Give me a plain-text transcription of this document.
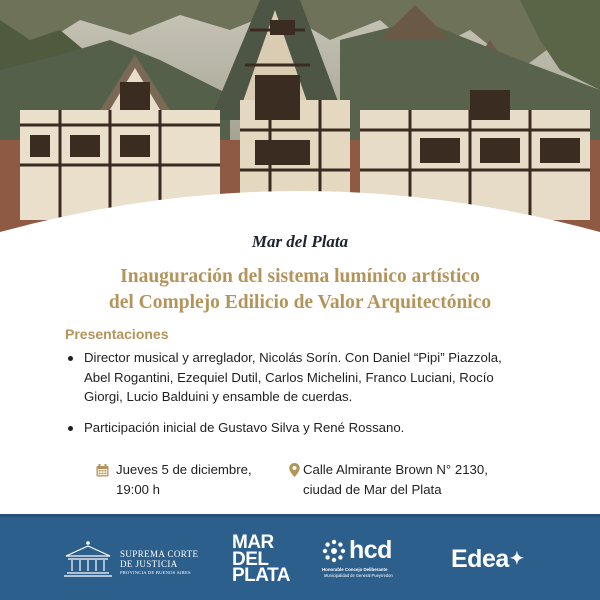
Mar del Plata
Inauguración del sistema lumínico artístico
del Complejo Edilicio de Valor Arquitectónico
Presentaciones
Director musical y arreglador, Nicolás Sorín. Con Daniel “Pipi” Piazzola,
Abel Rogantini, Ezequiel Dutil, Carlos Michelini, Franco Luciani, Rocío
Giorgi, Lucio Balduini y ensamble de cuerdas.
Participación inicial de Gustavo Silva y René Rossano.
Jueves 5 de diciembre,
19:00 h
Calle Almirante Brown N° 2130,
ciudad de Mar del Plata
SUPREMA CORTE
DE JUSTICIA
PROVINCIA DE BUENOS AIRES
MAR
DEL
PLATA
hcd
Honorable Concejo Deliberante
Municipalidad de General Pueyrredon
Edea✦
